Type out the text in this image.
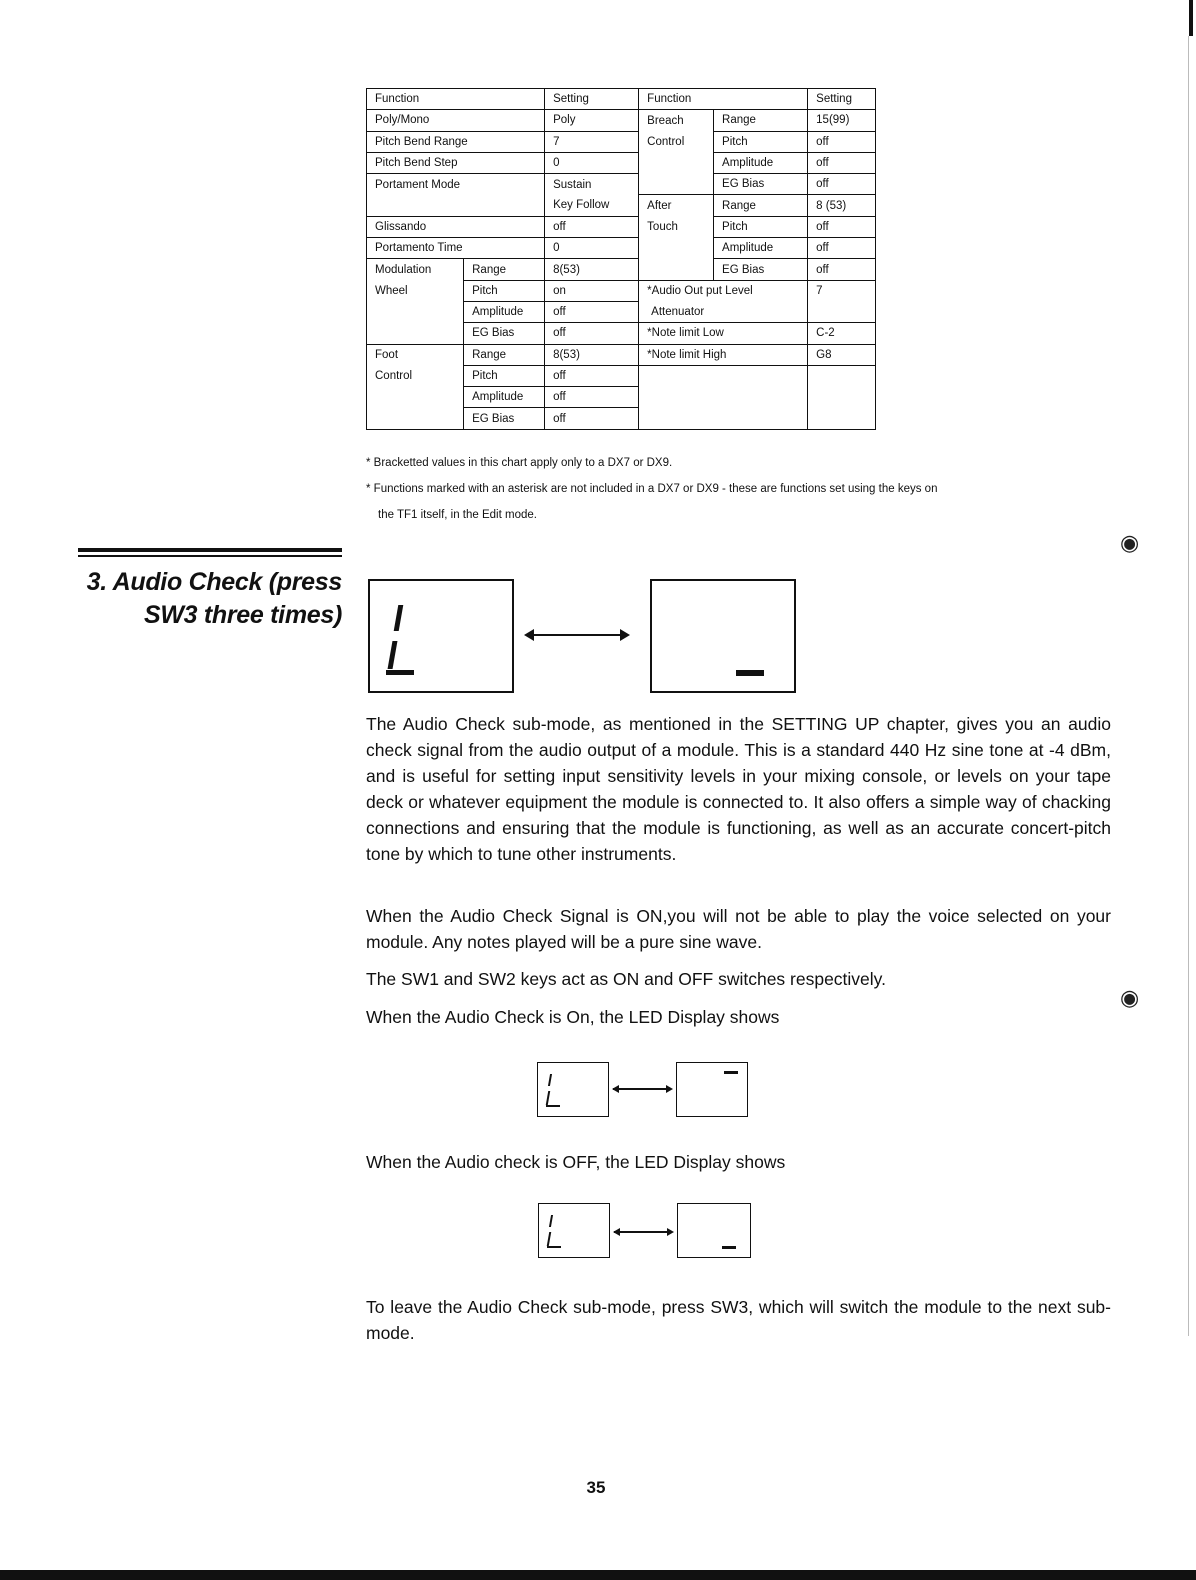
◉
◉
Function		Setting	Function		Setting
Poly/Mono		Poly	Breach	Range	15(99)
Pitch Bend Range		7	Control	Pitch	off
Pitch Bend Step		0		Amplitude	off
Portament Mode		Sustain		EG Bias	off
		Key Follow	After	Range	8 (53)
Glissando		off	Touch	Pitch	off
Portamento Time		0		Amplitude	off
Modulation	Range	8(53)		EG Bias	off
Wheel	Pitch	on	*Audio Out put Level		7
	Amplitude	off	Attenuator		
	EG Bias	off	*Note limit Low		C-2
Foot	Range	8(53)	*Note limit High		G8
Control	Pitch	off			
	Amplitude	off			
	EG Bias	off			
* Bracketted values in this chart apply only to a DX7 or DX9.
* Functions marked with an asterisk are not included in a DX7 or DX9 - these are functions set using the keys on
the TF1 itself, in the Edit mode.
3. Audio Check (press
SW3 three times)
The Audio Check sub-mode, as mentioned in the SETTING UP chapter, gives you an audio check signal from the audio output of a module. This is a standard 440 Hz sine tone at -4 dBm, and is useful for setting input sensitivity levels in your mixing console, or levels on your tape deck or whatever equipment the module is connected to. It also offers a simple way of chacking connections and ensuring that the module is functioning, as well as an accurate concert-pitch tone by which to tune other instruments.
When the Audio Check Signal is ON,you will not be able to play the voice selected on your module. Any notes played will be a pure sine wave.
The SW1 and SW2 keys act as ON and OFF switches respectively.
When the Audio Check is On, the LED Display shows
When the Audio check is OFF, the LED Display shows
To leave the Audio Check sub-mode, press SW3, which will switch the module to the next sub-mode.
35
